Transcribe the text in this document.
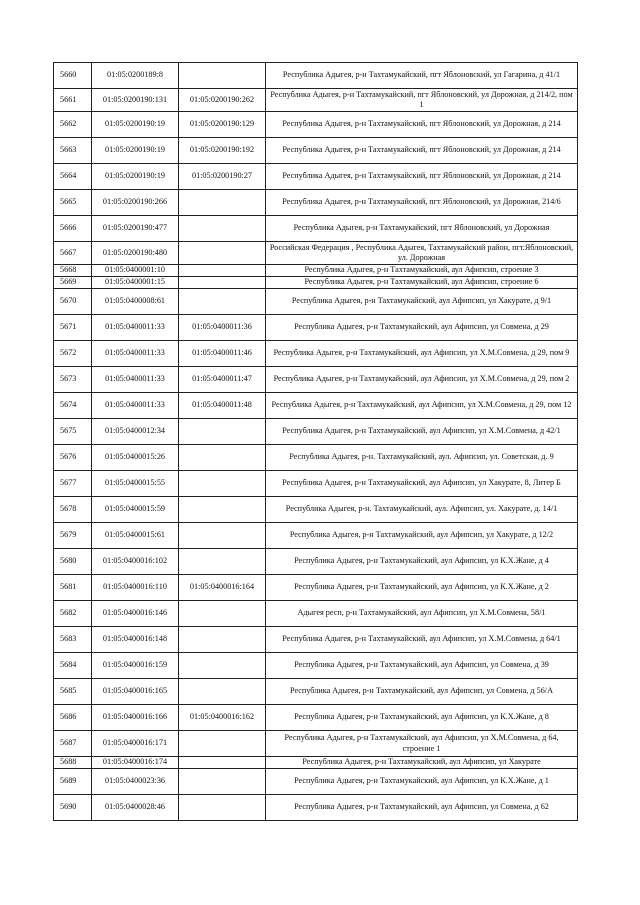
5660	01:05:0200189:8		Республика Адыгея, р-н Тахтамукайский, пгт Яблоновский, ул Гагарина, д 41/1
5661	01:05:0200190:131	01:05:0200190:262	Республика Адыгея, р-н Тахтамукайский, пгт Яблоновский, ул Дорожная, д 214/2, пом 1
5662	01:05:0200190:19	01:05:0200190:129	Республика Адыгея, р-н Тахтамукайский, пгт Яблоновский, ул Дорожная, д 214
5663	01:05:0200190:19	01:05:0200190:192	Республика Адыгея, р-н Тахтамукайский, пгт Яблоновский, ул Дорожная, д 214
5664	01:05:0200190:19	01:05:0200190:27	Республика Адыгея, р-н Тахтамукайский, пгт Яблоновский, ул Дорожная, д 214
5665	01:05:0200190:266		Республика Адыгея, р-н Тахтамукайский, пгт Яблоновский, ул Дорожная, 214/6
5666	01:05:0200190:477		Республика Адыгея, р-н Тахтамукайский, пгт Яблоновский, ул Дорожная
5667	01:05:0200190:480		Российская Федерация , Республика Адыгея, Тахтамукайский район, пгт.Яблоновский, ул. Дорожная
5668	01:05:0400001:10		Республика Адыгея, р-н Тахтамукайский, аул Афипсип, строение 3
5669	01:05:0400001:15		Республика Адыгея, р-н Тахтамукайский, аул Афипсип, строение 6
5670	01:05:0400008:61		Республика Адыгея, р-н Тахтамукайский, аул Афипсип, ул Хакурате, д 9/1
5671	01:05:0400011:33	01:05:0400011:36	Республика Адыгея, р-н Тахтамукайский, аул Афипсип, ул Совмена, д 29
5672	01:05:0400011:33	01:05:0400011:46	Республика Адыгея, р-н Тахтамукайский, аул Афипсип, ул Х.М.Совмена, д 29, пом 9
5673	01:05:0400011:33	01:05:0400011:47	Республика Адыгея, р-н Тахтамукайский, аул Афипсип, ул Х.М.Совмена, д 29, пом 2
5674	01:05:0400011:33	01:05:0400011:48	Республика Адыгея, р-н Тахтамукайский, аул Афипсип, ул Х.М.Совмена, д 29, пом 12
5675	01:05:0400012:34		Республика Адыгея, р-н Тахтамукайский, аул Афипсип, ул Х.М.Совмена, д 42/1
5676	01:05:0400015:26		Республика Адыгея, р-н. Тахтамукайский, аул. Афипсип, ул. Советская, д. 9
5677	01:05:0400015:55		Республика Адыгея, р-н Тахтамукайский, аул Афипсип, ул Хакурате, 8, Литер Б
5678	01:05:0400015:59		Республика Адыгея, р-н. Тахтамукайский, аул. Афипсип, ул. Хакурате, д. 14/1
5679	01:05:0400015:61		Республика Адыгея, р-н Тахтамукайский, аул Афипсип, ул Хакурате, д 12/2
5680	01:05:0400016:102		Республика Адыгея, р-н Тахтамукайский, аул Афипсип, ул К.Х.Жане, д 4
5681	01:05:0400016:110	01:05:0400016:164	Республика Адыгея, р-н Тахтамукайский, аул Афипсип, ул К.Х.Жане, д 2
5682	01:05:0400016:146		Адыгея респ, р-н Тахтамукайский, аул Афипсип, ул Х.М.Совмена, 58/1
5683	01:05:0400016:148		Республика Адыгея, р-н Тахтамукайский, аул Афипсип, ул Х.М.Совмена, д 64/1
5684	01:05:0400016:159		Республика Адыгея, р-н Тахтамукайский, аул Афипсип, ул Совмена, д 39
5685	01:05:0400016:165		Республика Адыгея, р-н Тахтамукайский, аул Афипсип, ул Совмена, д 56/А
5686	01:05:0400016:166	01:05:0400016:162	Республика Адыгея, р-н Тахтамукайский, аул Афипсип, ул К.Х.Жане, д 8
5687	01:05:0400016:171		Республика Адыгея, р-н Тахтамукайский, аул Афипсип, ул Х.М.Совмена, д 64, строение 1
5688	01:05:0400016:174		Республика Адыгея, р-н Тахтамукайский, аул Афипсип, ул Хакурате
5689	01:05:0400023:36		Республика Адыгея, р-н Тахтамукайский, аул Афипсип, ул К.Х.Жане, д 1
5690	01:05:0400028:46		Республика Адыгея, р-н Тахтамукайский, аул Афипсип, ул Совмена, д 62
